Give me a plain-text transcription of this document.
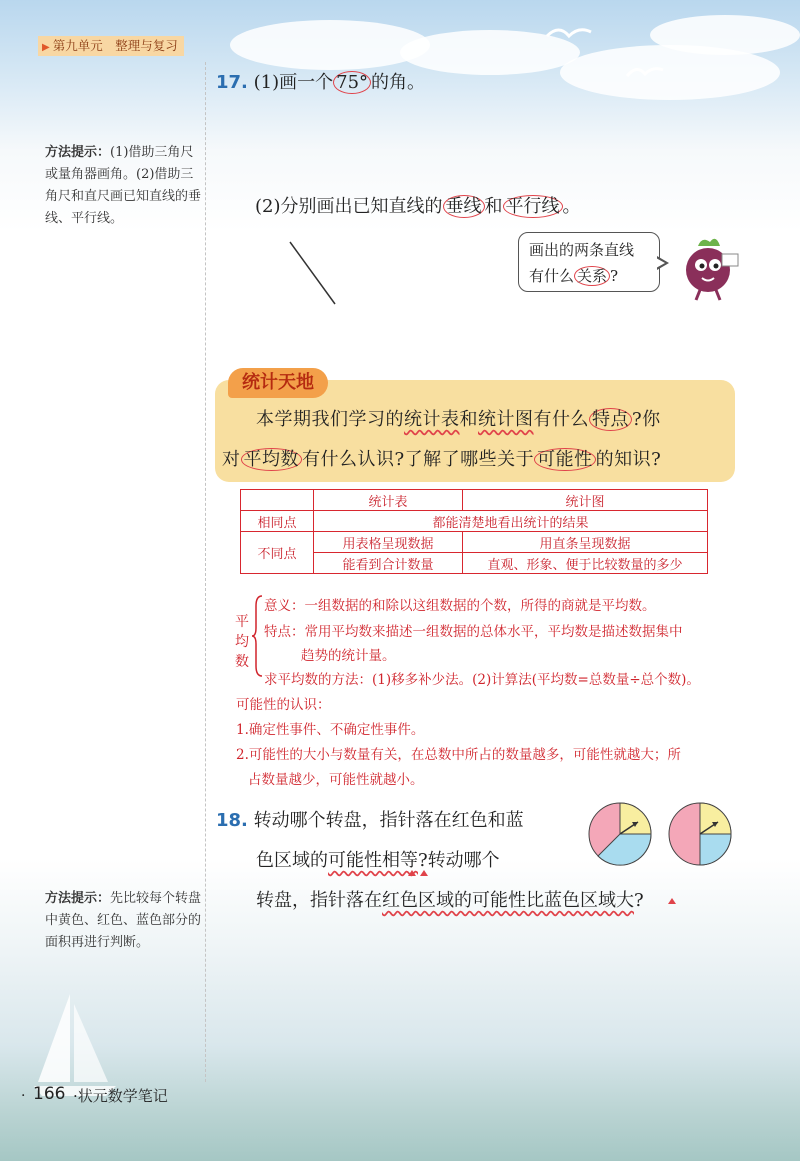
▶ 第九单元　整理与复习
方法提示：(1)借助三角尺或量角器画角。(2)借助三角尺和直尺画已知直线的垂线、平行线。
方法提示：先比较每个转盘中黄色、红色、蓝色部分的面积再进行判断。
17. (1)画一个 75° 的角。
(2)分别画出已知直线的 垂线 和 平行线 。
画出的两条直线
有什么 关系 ?
统计天地
本学期我们学习的统计表和统计图有什么 特点 ?你
对 平均数 有什么认识?了解了哪些关于 可能性 的知识?
	统计表	统计图
相同点	都能清楚地看出统计的结果	
不同点	用表格呈现数据	用直条呈现数据
	能看到合计数量	直观、形象、便于比较数量的多少
平
均
数
意义：一组数据的和除以这组数据的个数，所得的商就是平均数。
特点：常用平均数来描述一组数据的总体水平，平均数是描述数据集中
趋势的统计量。
求平均数的方法：(1)移多补少法。(2)计算法(平均数=总数量÷总个数)。
可能性的认识：
1.确定性事件、不确定性事件。
2.可能性的大小与数量有关，在总数中所占的数量越多，可能性就越大；所
占数量越少，可能性就越小。
18. 转动哪个转盘，指针落在红色和蓝
色区域的可能性相等?转动哪个
转盘，指针落在红色区域的可能性比蓝色区域大?
· 166 ·状元数学笔记
